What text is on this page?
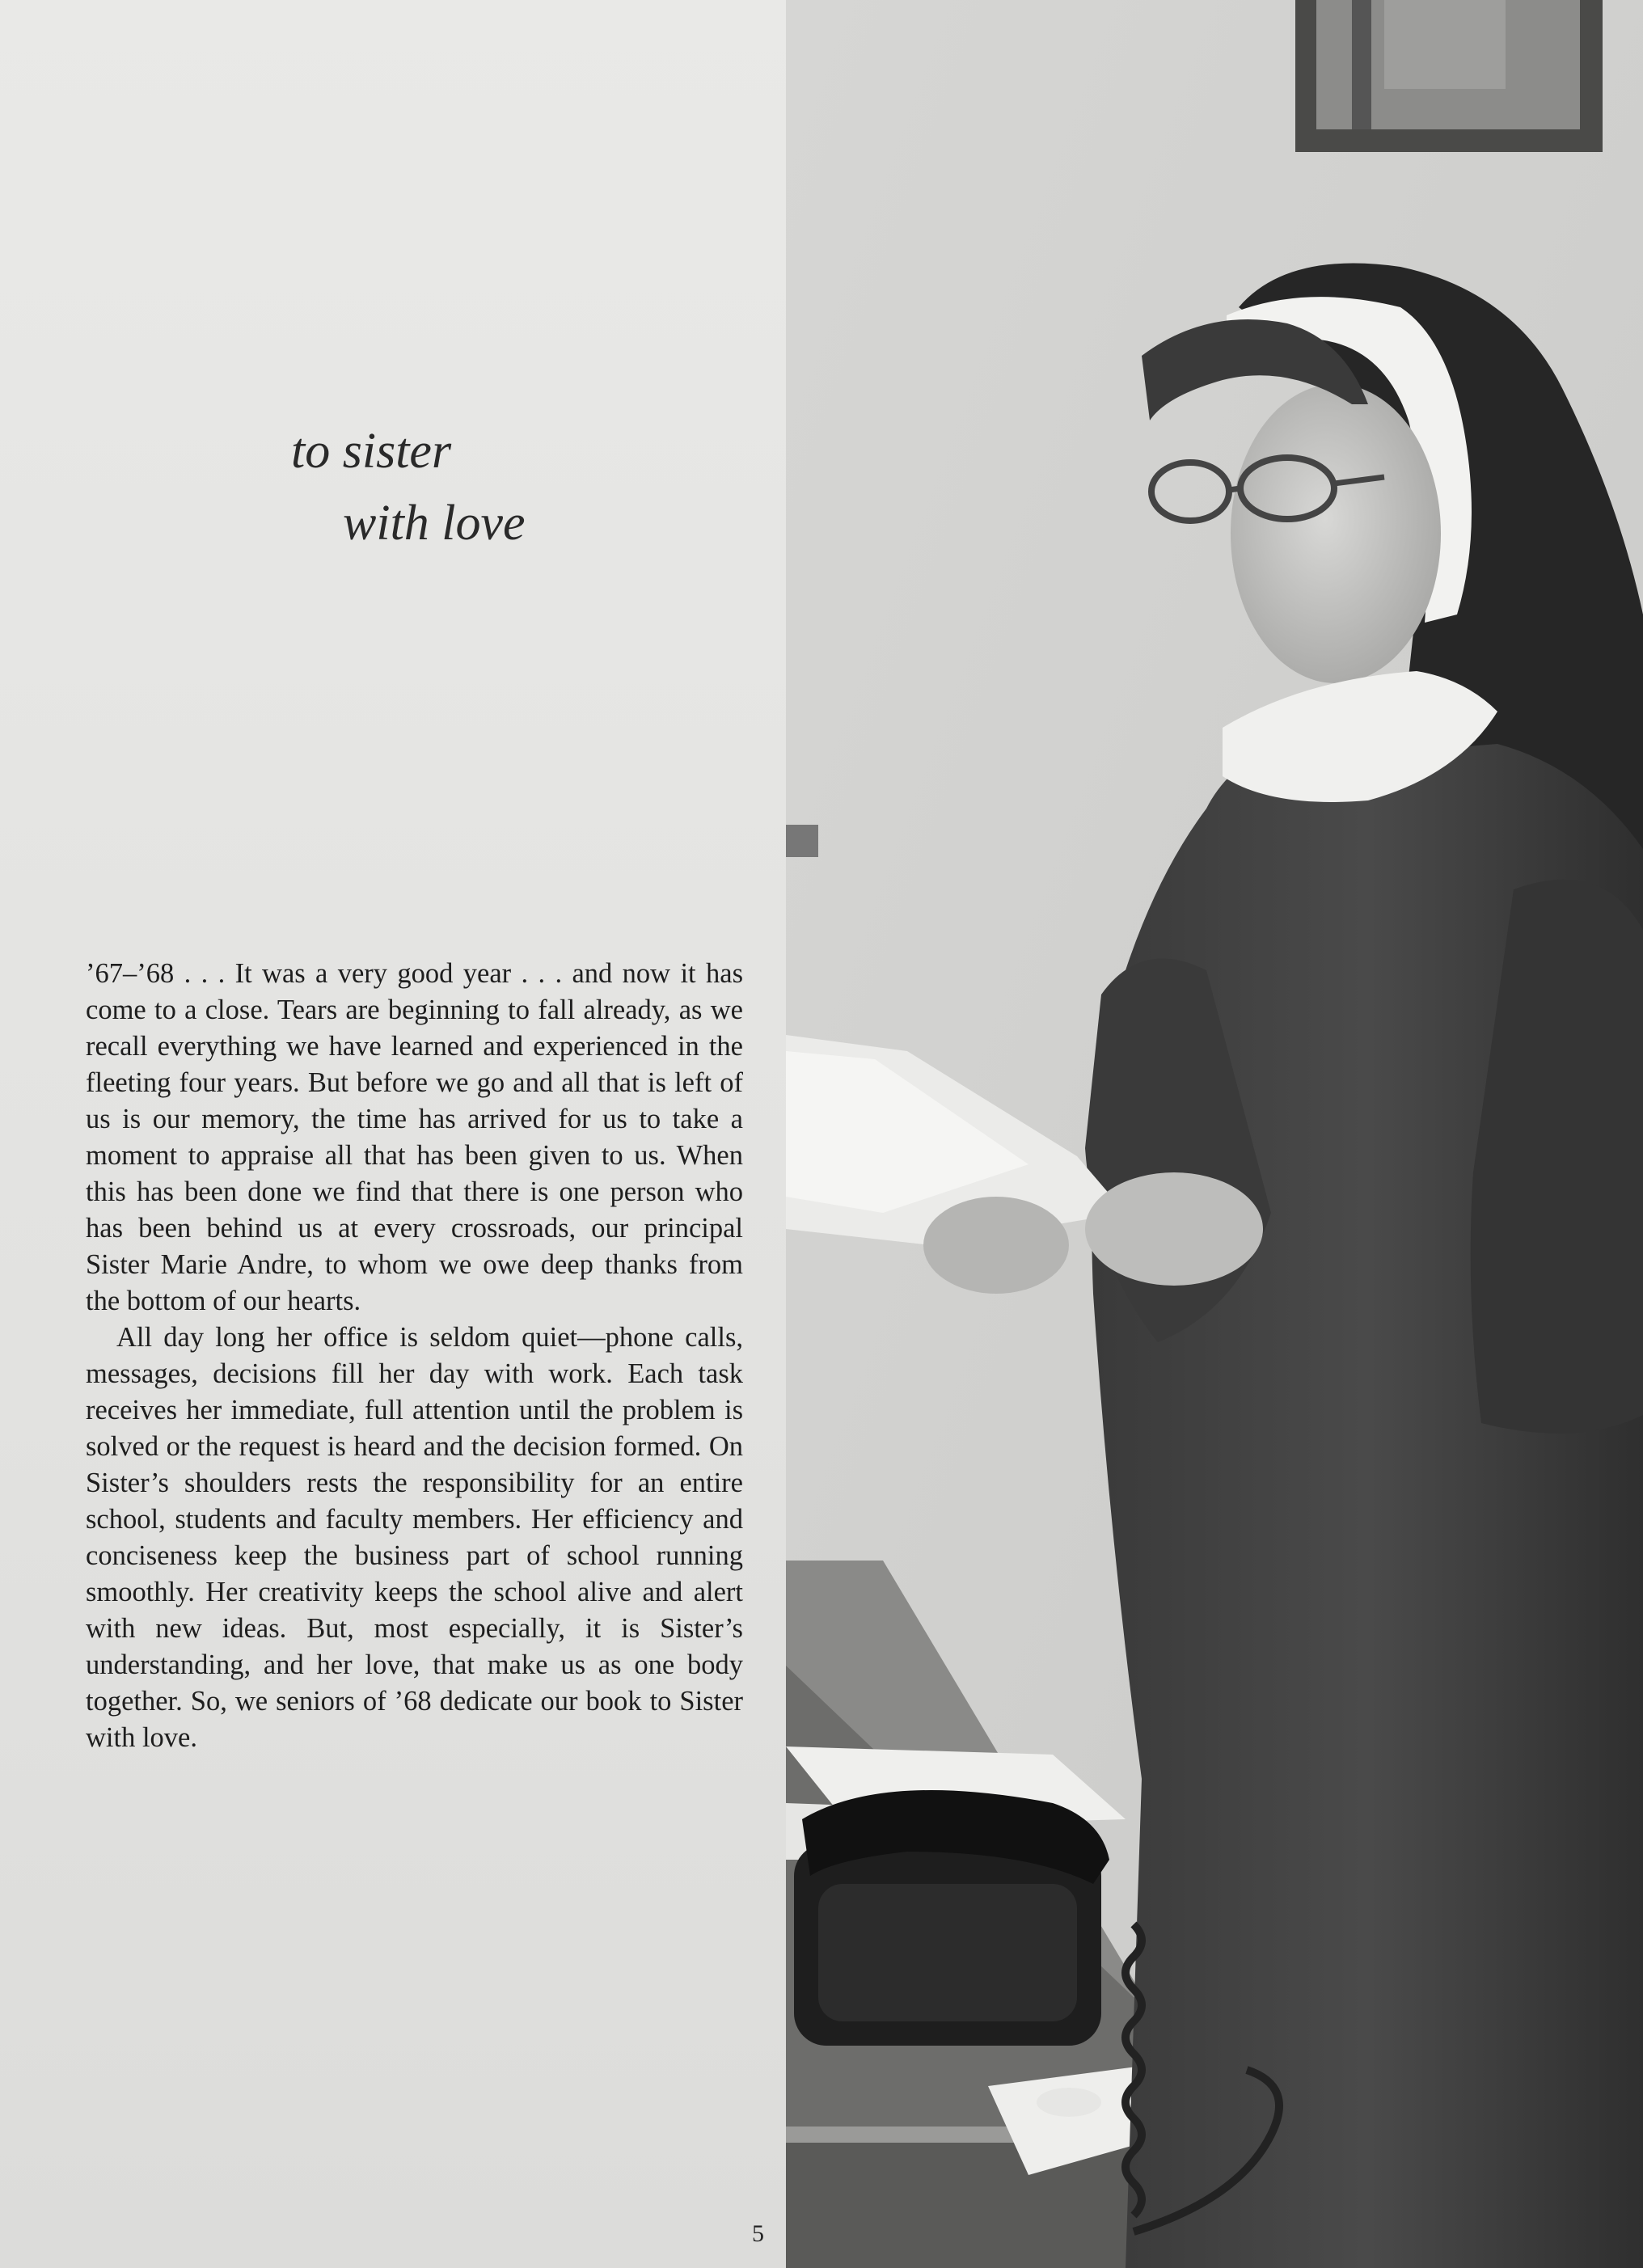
to sister
with love

’67–’68 . . . It was a very good year . . . and now it has come to a close. Tears are beginning to fall already, as we recall everything we have learned and experienced in the fleeting four years. But before we go and all that is left of us is our memory, the time has arrived for us to take a moment to appraise all that has been given to us. When this has been done we find that there is one person who has been behind us at every crossroads, our principal Sister Marie Andre, to whom we owe deep thanks from the bottom of our hearts.

All day long her office is seldom quiet—phone calls, messages, decisions fill her day with work. Each task receives her immediate, full attention until the problem is solved or the request is heard and the decision formed. On Sister’s shoulders rests the responsibility for an entire school, students and faculty members. Her efficiency and conciseness keep the business part of school running smoothly. Her creativity keeps the school alive and alert with new ideas. But, most especially, it is Sister’s understanding, and her love, that make us as one body together. So, we seniors of ’68 dedicate our book to Sister with love.

5
